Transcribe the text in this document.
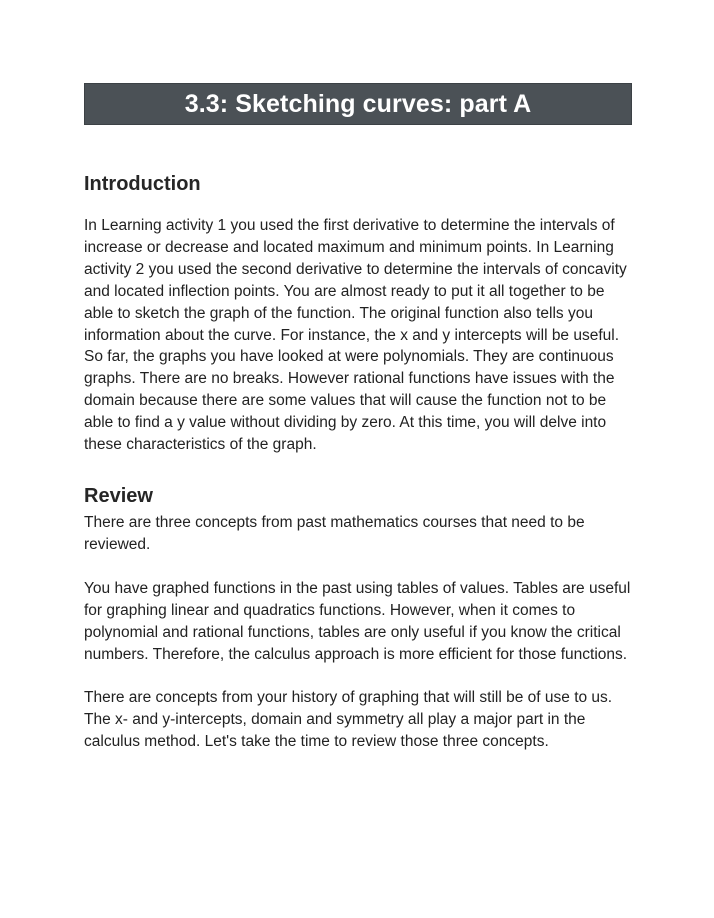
3.3: Sketching curves: part A
Introduction

In Learning activity 1 you used the first derivative to determine the intervals of increase or decrease and located maximum and minimum points. In Learning activity 2 you used the second derivative to determine the intervals of concavity and located inflection points. You are almost ready to put it all together to be able to sketch the graph of the function. The original function also tells you information about the curve. For instance, the x and y intercepts will be useful. So far, the graphs you have looked at were polynomials. They are continuous graphs. There are no breaks. However rational functions have issues with the domain because there are some values that will cause the function not to be able to find a y value without dividing by zero. At this time, you will delve into these characteristics of the graph.

Review

There are three concepts from past mathematics courses that need to be reviewed.

You have graphed functions in the past using tables of values. Tables are useful for graphing linear and quadratics functions. However, when it comes to polynomial and rational functions, tables are only useful if you know the critical numbers. Therefore, the calculus approach is more efficient for those functions.

There are concepts from your history of graphing that will still be of use to us. The x- and y-intercepts, domain and symmetry all play a major part in the calculus method. Let's take the time to review those three concepts.
